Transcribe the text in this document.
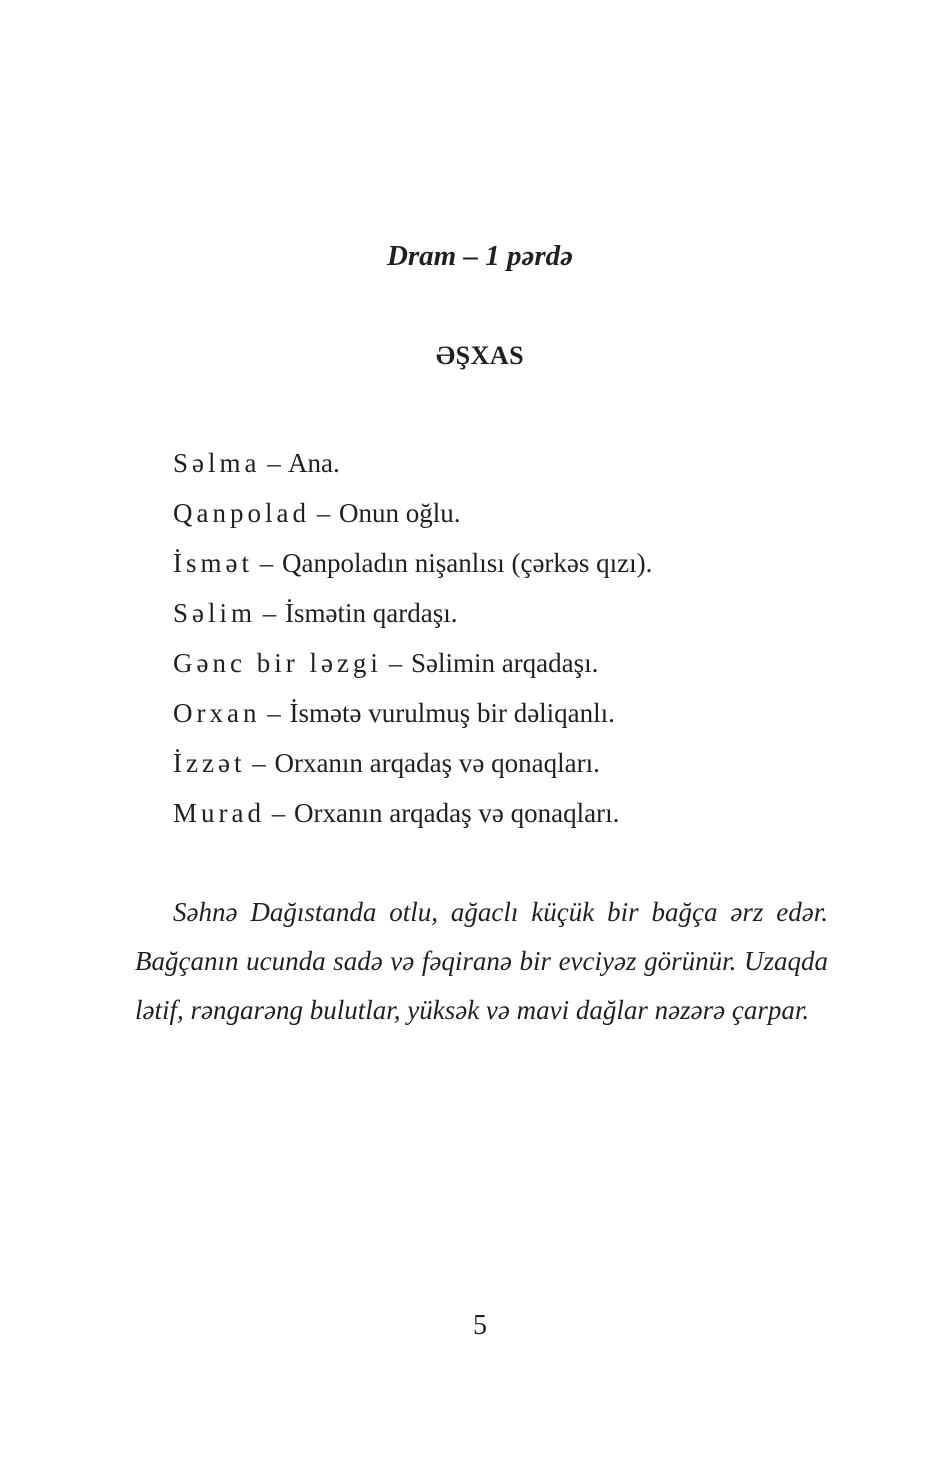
Dram – 1 pərdə
ƏŞXAS
Səlma – Ana.
Qanpolad – Onun oğlu.
İsmət – Qanpoladın nişanlısı (çərkəs qızı).
Səlim – İsmətin qardaşı.
Gənc bir ləzgi – Səlimin arqadaşı.
Orxan – İsmətə vurulmuş bir dəliqanlı.
İzzət – Orxanın arqadaş və qonaqları.
Murad – Orxanın arqadaş və qonaqları.

Səhnə Dağıstanda otlu, ağaclı küçük bir bağça ərz edər. Bağçanın ucunda sadə və fəqiranə bir evciyəz görünür. Uzaqda lətif, rəngarəng bulutlar, yüksək və mavi dağlar nəzərə çarpar.

5
